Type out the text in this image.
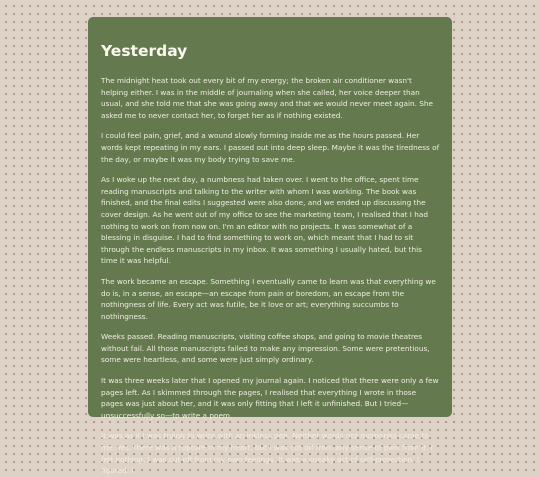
Yesterday

The midnight heat took out every bit of my energy; the broken air conditioner wasn't helping either. I was in the middle of journaling when she called, her voice deeper than usual, and she told me that she was going away and that we would never meet again. She asked me to never contact her, to forget her as if nothing existed.

I could feel pain, grief, and a wound slowly forming inside me as the hours passed. Her words kept repeating in my ears. I passed out into deep sleep. Maybe it was the tiredness of the day, or maybe it was my body trying to save me.

As I woke up the next day, a numbness had taken over. I went to the office, spent time reading manuscripts and talking to the writer with whom I was working. The book was finished, and the final edits I suggested were also done, and we ended up discussing the cover design. As he went out of my office to see the marketing team, I realised that I had nothing to work on from now on. I'm an editor with no projects. It was somewhat of a blessing in disguise. I had to find something to work on, which meant that I had to sit through the endless manuscripts in my inbox. It was something I usually hated, but this time it was helpful.

The work became an escape. Something I eventually came to learn was that everything we do is, in a sense, an escape—an escape from pain or boredom, an escape from the nothingness of life. Every act was futile, be it love or art; everything succumbs to nothingness.

Weeks passed. Reading manuscripts, visiting coffee shops, and going to movie theatres without fail. All those manuscripts failed to make any impression. Some were pretentious, some were heartless, and some were just simply ordinary.

It was three weeks later that I opened my journal again. I noticed that there were only a few pages left. As I skimmed through the pages, I realised that everything I wrote in those pages was just about her, and it was only fitting that I left it unfinished. But I tried—unsuccessfully so—to write a poem.

It was as if I was trying to write with an inkless pen. Neither words nor memories came to me. Yes, there was a rupture in my heart, but I was cut off from any sense of pain from it. I felt nothing. I was cut off from my own feelings. It was a sneaky act of self-protection, I figured. I
